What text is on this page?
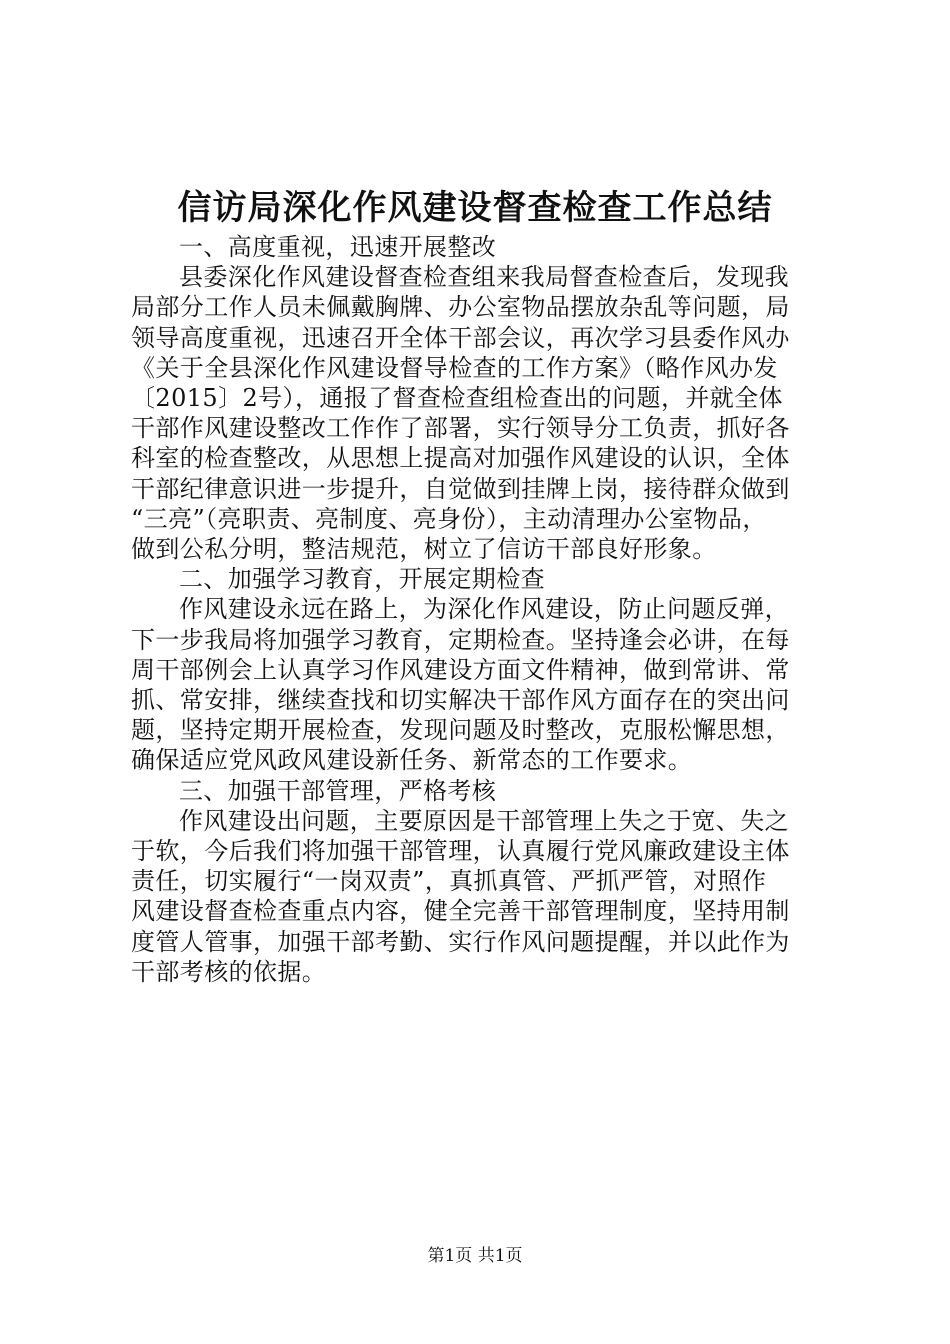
信访局深化作风建设督查检查工作总结
一、高度重视，迅速开展整改
县委深化作风建设督查检查组来我局督查检查后，发现我
局部分工作人员未佩戴胸牌、办公室物品摆放杂乱等问题，局
领导高度重视，迅速召开全体干部会议，再次学习县委作风办
《关于全县深化作风建设督导检查的工作方案》（略作风办发
〔2015〕2号），通报了督查检查组检查出的问题，并就全体
干部作风建设整改工作作了部署，实行领导分工负责，抓好各
科室的检查整改，从思想上提高对加强作风建设的认识，全体
干部纪律意识进一步提升，自觉做到挂牌上岗，接待群众做到
“三亮”（亮职责、亮制度、亮身份），主动清理办公室物品，
做到公私分明，整洁规范，树立了信访干部良好形象。
二、加强学习教育，开展定期检查
作风建设永远在路上，为深化作风建设，防止问题反弹，
下一步我局将加强学习教育，定期检查。坚持逢会必讲，在每
周干部例会上认真学习作风建设方面文件精神，做到常讲、常
抓、常安排，继续查找和切实解决干部作风方面存在的突出问
题，坚持定期开展检查，发现问题及时整改，克服松懈思想，
确保适应党风政风建设新任务、新常态的工作要求。
三、加强干部管理，严格考核
作风建设出问题，主要原因是干部管理上失之于宽、失之
于软，今后我们将加强干部管理，认真履行党风廉政建设主体
责任，切实履行“一岗双责”，真抓真管、严抓严管，对照作
风建设督查检查重点内容，健全完善干部管理制度，坚持用制
度管人管事，加强干部考勤、实行作风问题提醒，并以此作为
干部考核的依据。
第1页 共1页
